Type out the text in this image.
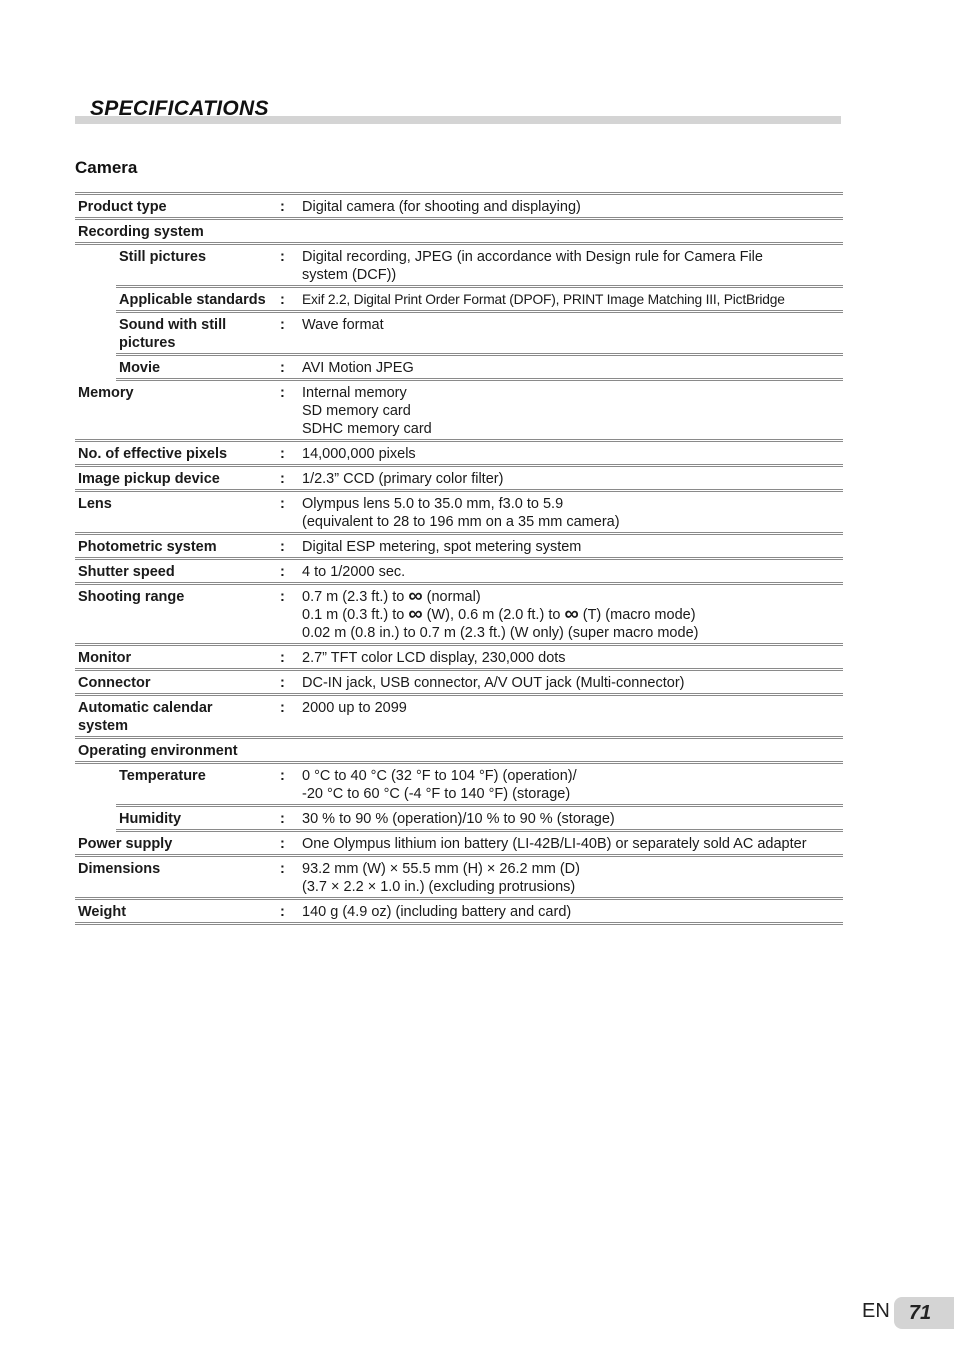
SPECIFICATIONS
Camera
Product type	:	Digital camera (for shooting and displaying)
Recording system
Still pictures	:	Digital recording, JPEG (in accordance with Design rule for Camera File
system (DCF))
Applicable standards :	Exif 2.2, Digital Print Order Format (DPOF), PRINT Image Matching III, PictBridge
Sound with still
pictures
:	Wave format
Movie	:	AVI Motion JPEG
Memory	:	Internal memory
SD memory card
SDHC memory card
No. of effective pixels	:	14,000,000 pixels
Image pickup device	:	1/2.3” CCD (primary color filter)
Lens	:	Olympus lens 5.0 to 35.0 mm, f3.0 to 5.9
(equivalent to 28 to 196 mm on a 35 mm camera)
Photometric system	:	Digital ESP metering, spot metering system
Shutter speed	:	4 to 1/2000 sec.
Shooting range	:	0.7 m (2.3 ft.) to ∞ (normal)
0.1 m (0.3 ft.) to ∞ (W), 0.6 m (2.0 ft.) to ∞ (T) (macro mode)
0.02 m (0.8 in.) to 0.7 m (2.3 ft.) (W only) (super macro mode)
Monitor	:	2.7” TFT color LCD display, 230,000 dots
Connector	:	DC-IN jack, USB connector, A/V OUT jack (Multi-connector)
Automatic calendar
system
:	2000 up to 2099
Operating environment
Temperature	:	0 °C to 40 °C (32 °F to 104 °F) (operation)/
-20 °C to 60 °C (-4 °F to 140 °F) (storage)
Humidity	:	30 % to 90 % (operation)/10 % to 90 % (storage)
Power supply	:	One Olympus lithium ion battery (LI-42B/LI-40B) or separately sold AC adapter
Dimensions	:	93.2 mm (W) × 55.5 mm (H) × 26.2 mm (D)
(3.7 × 2.2 × 1.0 in.) (excluding protrusions)
Weight	:	140 g (4.9 oz) (including battery and card)
EN 71
